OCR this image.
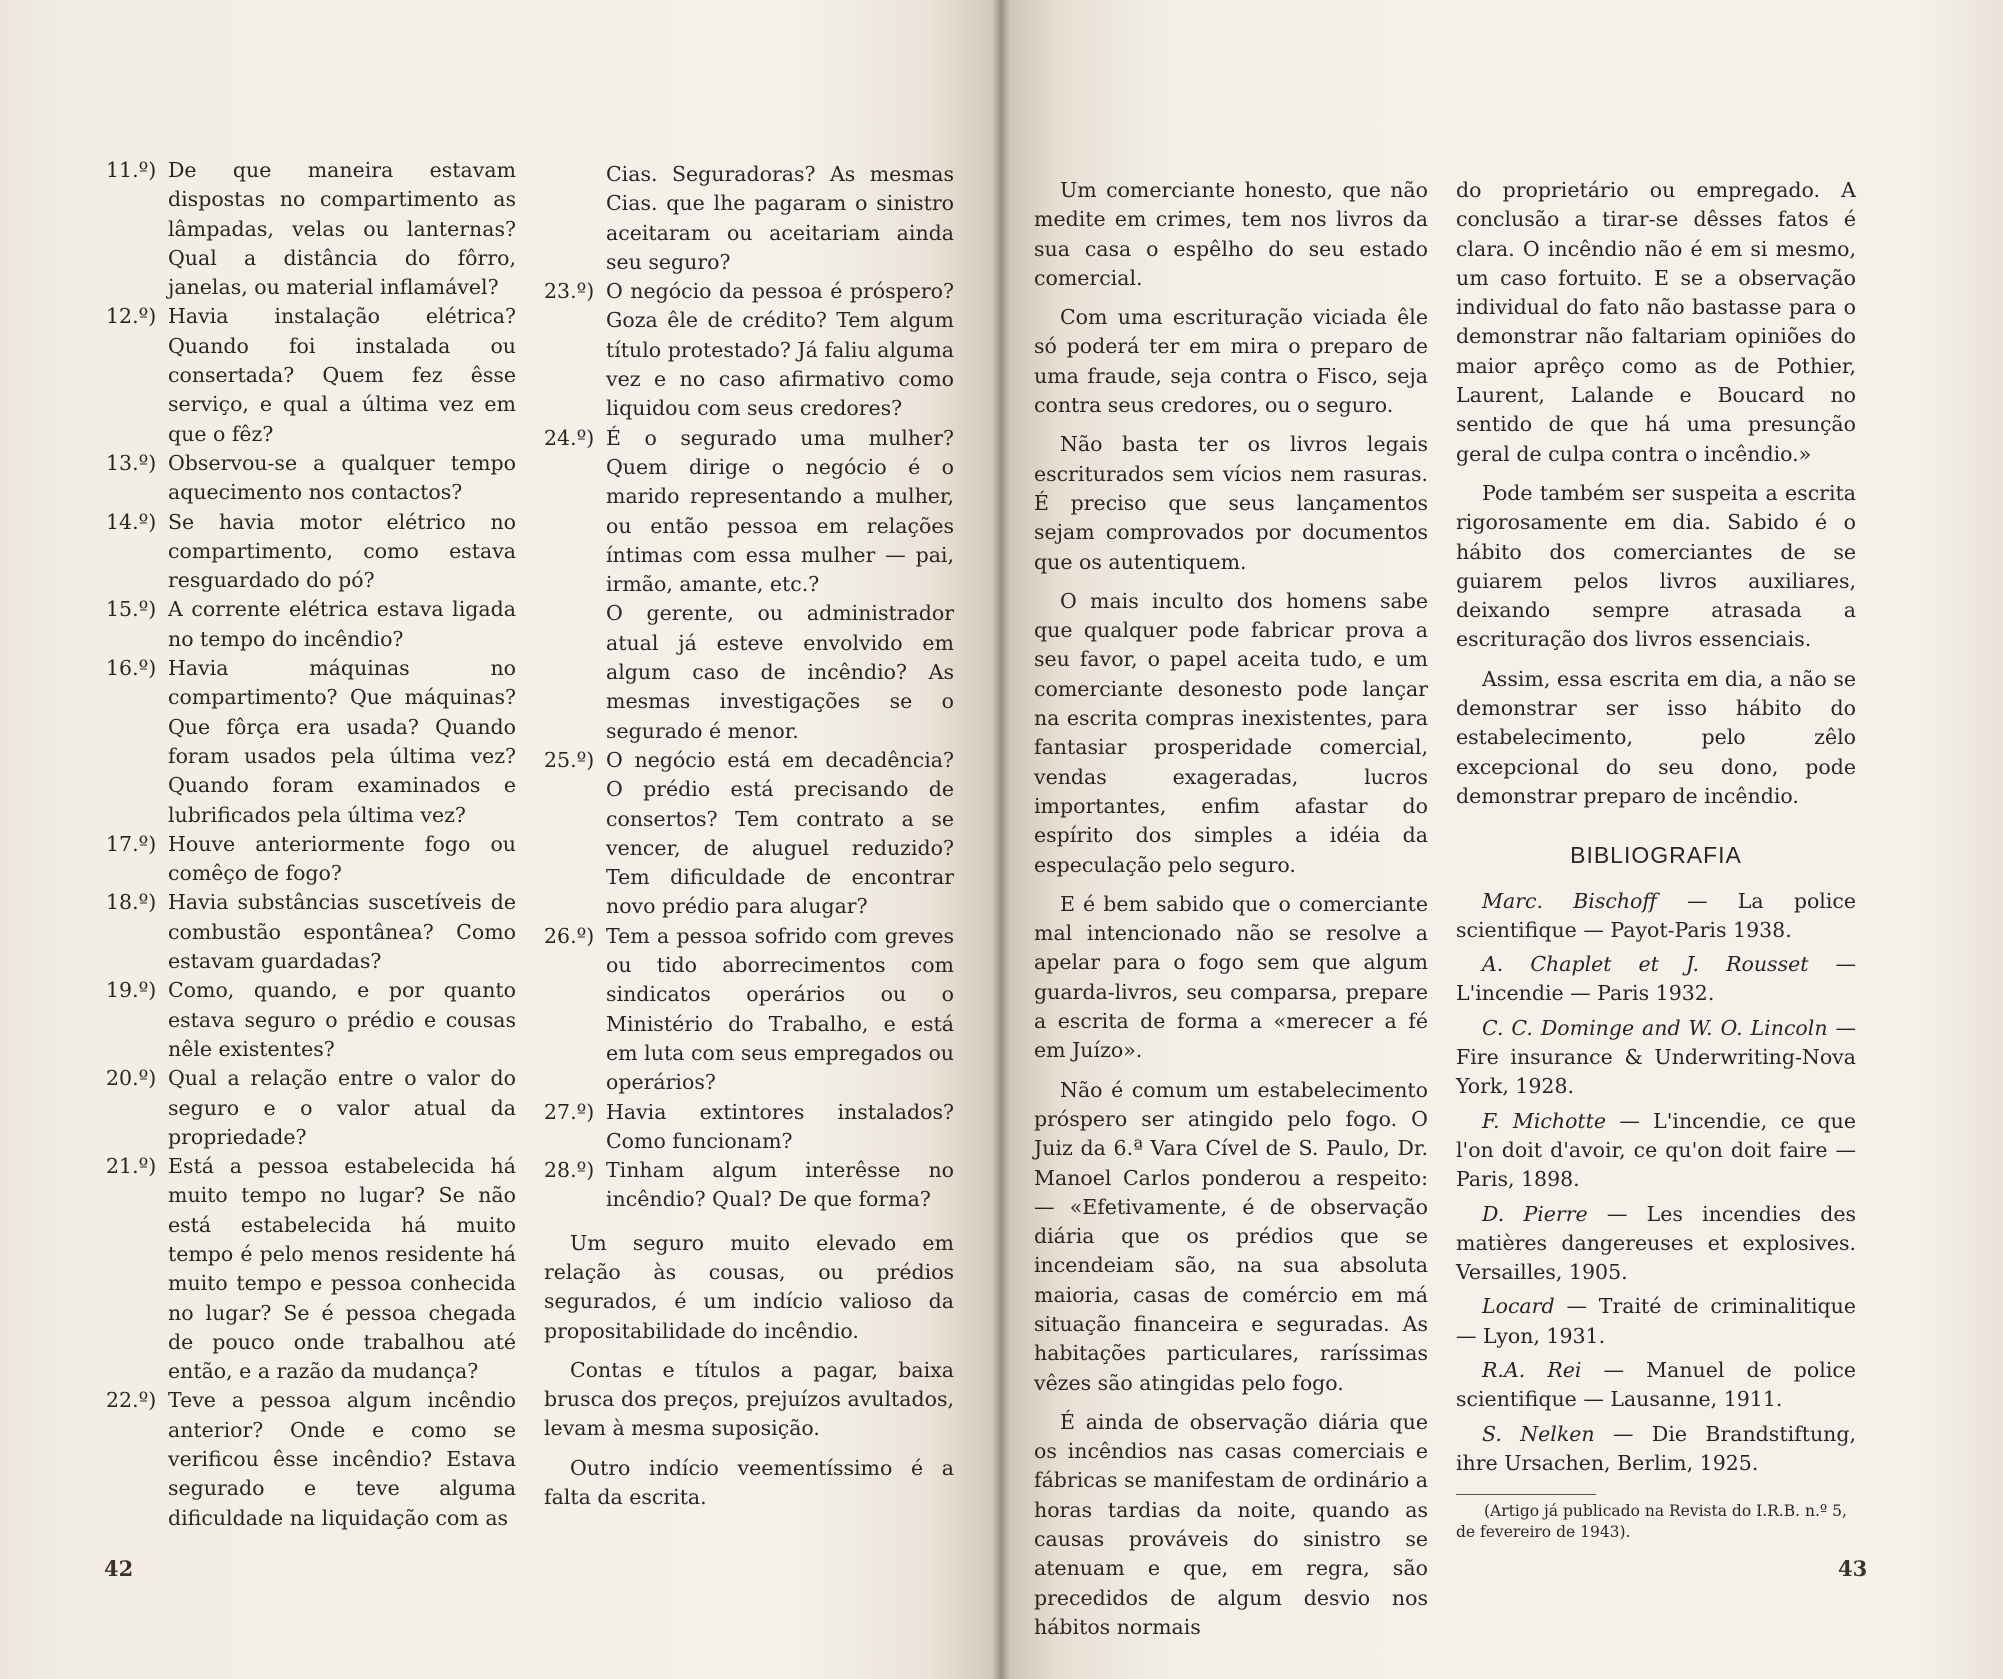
11.º) De que maneira estavam dispostas no compartimento as lâmpadas, velas ou lanternas? Qual a distância do fôrro, janelas, ou material inflamável?
12.º) Havia instalação elétrica? Quando foi instalada ou consertada? Quem fez êsse serviço, e qual a última vez em que o fêz?
13.º) Observou-se a qualquer tempo aquecimento nos contactos?
14.º) Se havia motor elétrico no compartimento, como estava resguardado do pó?
15.º) A corrente elétrica estava ligada no tempo do incêndio?
16.º) Havia máquinas no compartimento? Que máquinas? Que fôrça era usada? Quando foram usados pela última vez? Quando foram examinados e lubrificados pela última vez?
17.º) Houve anteriormente fogo ou comêço de fogo?
18.º) Havia substâncias suscetíveis de combustão espontânea? Como estavam guardadas?
19.º) Como, quando, e por quanto estava seguro o prédio e cousas nêle existentes?
20.º) Qual a relação entre o valor do seguro e o valor atual da propriedade?
21.º) Está a pessoa estabelecida há muito tempo no lugar? Se não está estabelecida há muito tempo é pelo menos residente há muito tempo e pessoa conhecida no lugar? Se é pessoa chegada de pouco onde trabalhou até então, e a razão da mudança?
22.º) Teve a pessoa algum incêndio anterior? Onde e como se verificou êsse incêndio? Estava segurado e teve alguma dificuldade na liquidação com as

Cias. Seguradoras? As mesmas Cias. que lhe pagaram o sinistro aceitaram ou aceitariam ainda seu seguro?

23.º) O negócio da pessoa é próspero? Goza êle de crédito? Tem algum título protestado? Já faliu alguma vez e no caso afirmativo como liquidou com seus credores?
24.º) É o segurado uma mulher? Quem dirige o negócio é o marido representando a mulher, ou então pessoa em relações íntimas com essa mulher — pai, irmão, amante, etc.?

O gerente, ou administrador atual já esteve envolvido em algum caso de incêndio? As mesmas investigações se o segurado é menor.

25.º) O negócio está em decadência? O prédio está precisando de consertos? Tem contrato a se vencer, de aluguel reduzido? Tem dificuldade de encontrar novo prédio para alugar?
26.º) Tem a pessoa sofrido com greves ou tido aborrecimentos com sindicatos operários ou o Ministério do Trabalho, e está em luta com seus empregados ou operários?
27.º) Havia extintores instalados? Como funcionam?
28.º) Tinham algum interêsse no incêndio? Qual? De que forma?

Um seguro muito elevado em relação às cousas, ou prédios segurados, é um indício valioso da propositabilidade do incêndio.

Contas e títulos a pagar, baixa brusca dos preços, prejuízos avultados, levam à mesma suposição.

Outro indício veementíssimo é a falta da escrita.

42

Um comerciante honesto, que não medite em crimes, tem nos livros da sua casa o espêlho do seu estado comercial.

Com uma escrituração viciada êle só poderá ter em mira o preparo de uma fraude, seja contra o Fisco, seja contra seus credores, ou o seguro.

Não basta ter os livros legais escriturados sem vícios nem rasuras. É preciso que seus lançamentos sejam comprovados por documentos que os autentiquem.

O mais inculto dos homens sabe que qualquer pode fabricar prova a seu favor, o papel aceita tudo, e um comerciante desonesto pode lançar na escrita compras inexistentes, para fantasiar prosperidade comercial, vendas exageradas, lucros importantes, enfim afastar do espírito dos simples a idéia da especulação pelo seguro.

E é bem sabido que o comerciante mal intencionado não se resolve a apelar para o fogo sem que algum guarda-livros, seu comparsa, prepare a escrita de forma a «merecer a fé em Juízo».

Não é comum um estabelecimento próspero ser atingido pelo fogo. O Juiz da 6.ª Vara Cível de S. Paulo, Dr. Manoel Carlos ponderou a respeito: — «Efetivamente, é de observação diária que os prédios que se incendeiam são, na sua absoluta maioria, casas de comércio em má situação financeira e seguradas. As habitações particulares, raríssimas vêzes são atingidas pelo fogo.

É ainda de observação diária que os incêndios nas casas comerciais e fábricas se manifestam de ordinário a horas tardias da noite, quando as causas prováveis do sinistro se atenuam e que, em regra, são precedidos de algum desvio nos hábitos normais

do proprietário ou empregado. A conclusão a tirar-se dêsses fatos é clara. O incêndio não é em si mesmo, um caso fortuito. E se a observação individual do fato não bastasse para o demonstrar não faltariam opiniões do maior aprêço como as de Pothier, Laurent, Lalande e Boucard no sentido de que há uma presunção geral de culpa contra o incêndio.»

Pode também ser suspeita a escrita rigorosamente em dia. Sabido é o hábito dos comerciantes de se guiarem pelos livros auxiliares, deixando sempre atrasada a escrituração dos livros essenciais.

Assim, essa escrita em dia, a não se demonstrar ser isso hábito do estabelecimento, pelo zêlo excepcional do seu dono, pode demonstrar preparo de incêndio.

BIBLIOGRAFIA

Marc. Bischoff — La police scientifique — Payot-Paris 1938.

A. Chaplet et J. Rousset — L'incendie — Paris 1932.

C. C. Dominge and W. O. Lincoln — Fire insurance & Underwriting-Nova York, 1928.

F. Michotte — L'incendie, ce que l'on doit d'avoir, ce qu'on doit faire — Paris, 1898.

D. Pierre — Les incendies des matières dangereuses et explosives. Versailles, 1905.

Locard — Traité de criminalitique — Lyon, 1931.

R.A. Rei — Manuel de police scientifique — Lausanne, 1911.

S. Nelken — Die Brandstiftung, ihre Ursachen, Berlim, 1925.

(Artigo já publicado na Revista do I.R.B. n.º 5, de fevereiro de 1943).
43
